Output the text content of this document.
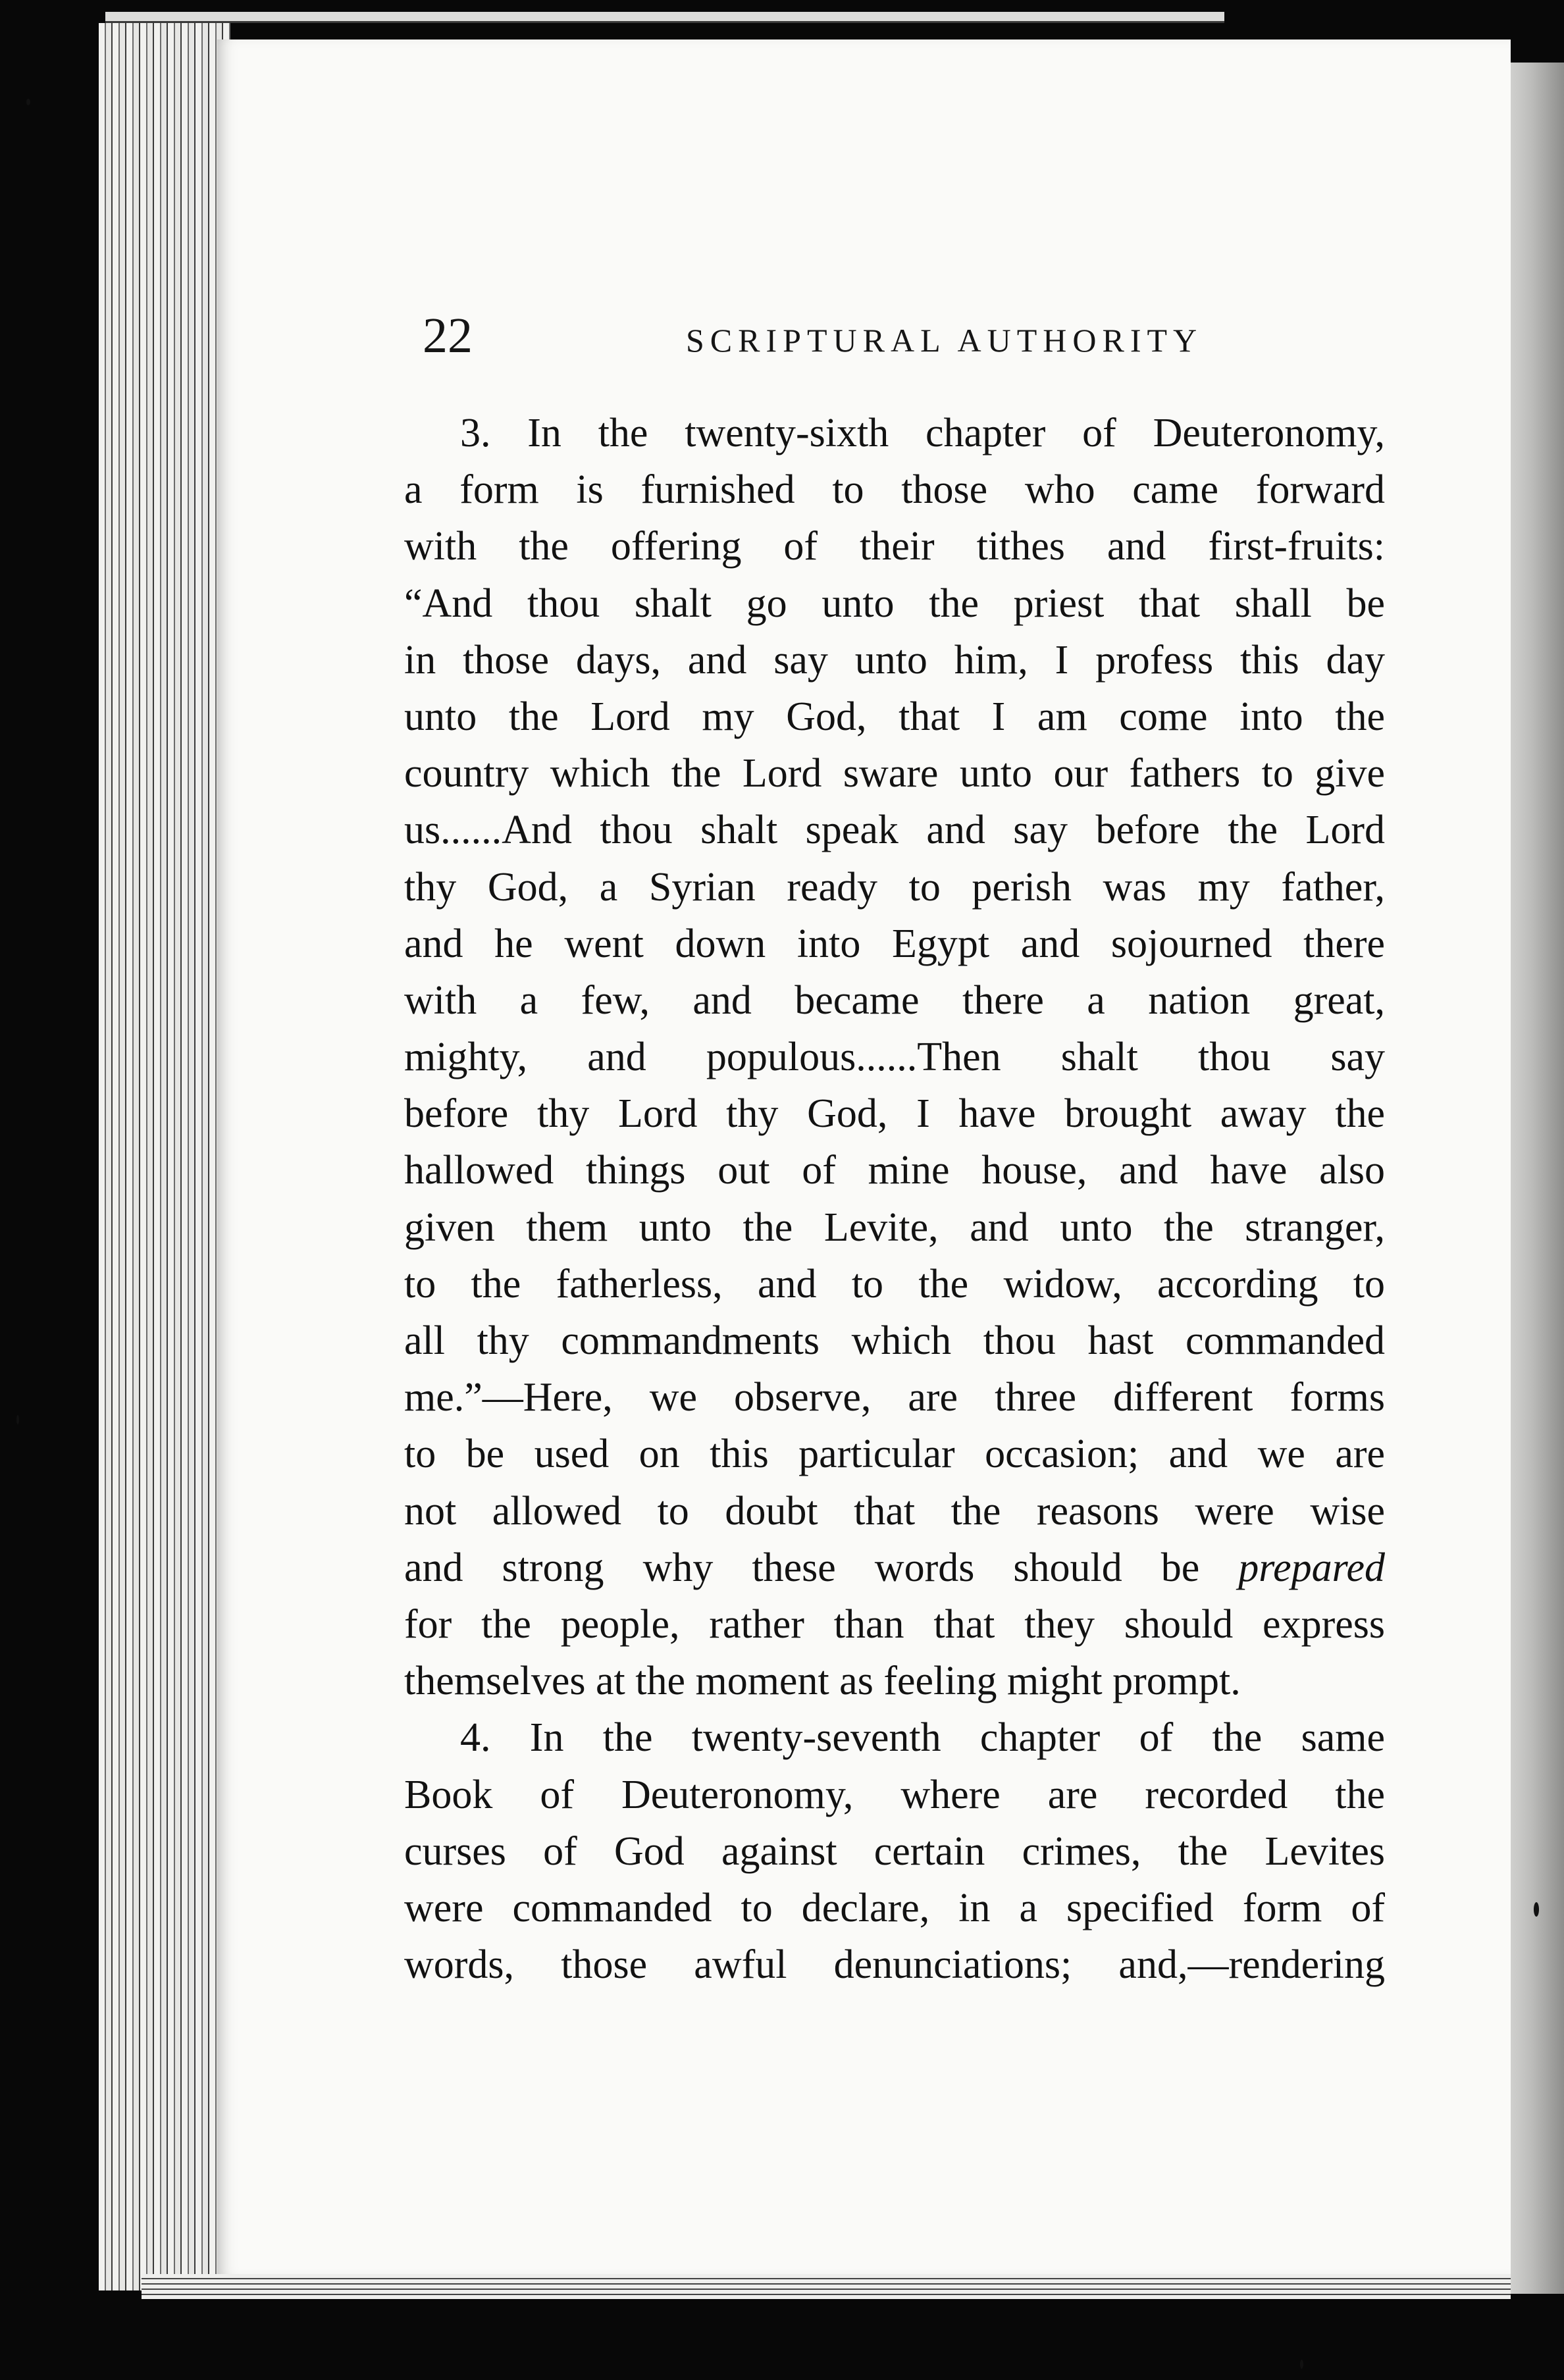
22	SCRIPTURAL AUTHORITY
3. In the twenty-sixth chapter of Deuteronomy,
a form is furnished to those who came forward
with the offering of their tithes and first-fruits:
“And thou shalt go unto the priest that shall be
in those days, and say unto him, I profess this day
unto the Lord my God, that I am come into the
country which the Lord sware unto our fathers to give
us......And thou shalt speak and say before the Lord
thy God, a Syrian ready to perish was my father,
and he went down into Egypt and sojourned there
with a few, and became there a nation great,
mighty, and populous......Then shalt thou say
before thy Lord thy God, I have brought away the
hallowed things out of mine house, and have also
given them unto the Levite, and unto the stranger,
to the fatherless, and to the widow, according to
all thy commandments which thou hast commanded
me.”—Here, we observe, are three different forms
to be used on this particular occasion; and we are
not allowed to doubt that the reasons were wise
and strong why these words should be prepared
for the people, rather than that they should express
themselves at the moment as feeling might prompt.
4. In the twenty-seventh chapter of the same
Book of Deuteronomy, where are recorded the
curses of God against certain crimes, the Levites
were commanded to declare, in a specified form of
words, those awful denunciations; and,—rendering
